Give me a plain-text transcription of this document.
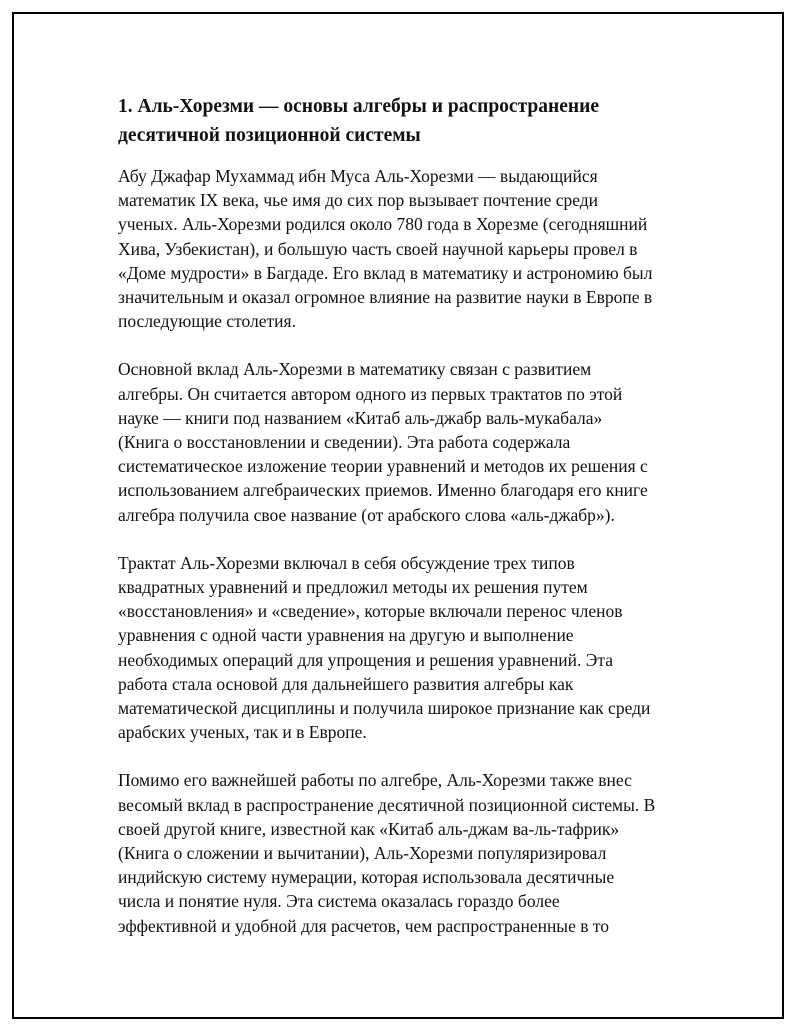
1. Аль-Хорезми — основы алгебры и распространение
десятичной позиционной системы

Абу Джафар Мухаммад ибн Муса Аль-Хорезми — выдающийся
математик IX века, чье имя до сих пор вызывает почтение среди
ученых. Аль-Хорезми родился около 780 года в Хорезме (сегодняшний
Хива, Узбекистан), и большую часть своей научной карьеры провел в
«Доме мудрости» в Багдаде. Его вклад в математику и астрономию был
значительным и оказал огромное влияние на развитие науки в Европе в
последующие столетия.

Основной вклад Аль-Хорезми в математику связан с развитием
алгебры. Он считается автором одного из первых трактатов по этой
науке — книги под названием «Китаб аль-джабр валь-мукабала»
(Книга о восстановлении и сведении). Эта работа содержала
систематическое изложение теории уравнений и методов их решения с
использованием алгебраических приемов. Именно благодаря его книге
алгебра получила свое название (от арабского слова «аль-джабр»).

Трактат Аль-Хорезми включал в себя обсуждение трех типов
квадратных уравнений и предложил методы их решения путем
«восстановления» и «сведение», которые включали перенос членов
уравнения с одной части уравнения на другую и выполнение
необходимых операций для упрощения и решения уравнений. Эта
работа стала основой для дальнейшего развития алгебры как
математической дисциплины и получила широкое признание как среди
арабских ученых, так и в Европе.

Помимо его важнейшей работы по алгебре, Аль-Хорезми также внес
весомый вклад в распространение десятичной позиционной системы. В
своей другой книге, известной как «Китаб аль-джам ва-ль-тафрик»
(Книга о сложении и вычитании), Аль-Хорезми популяризировал
индийскую систему нумерации, которая использовала десятичные
числа и понятие нуля. Эта система оказалась гораздо более
эффективной и удобной для расчетов, чем распространенные в то
